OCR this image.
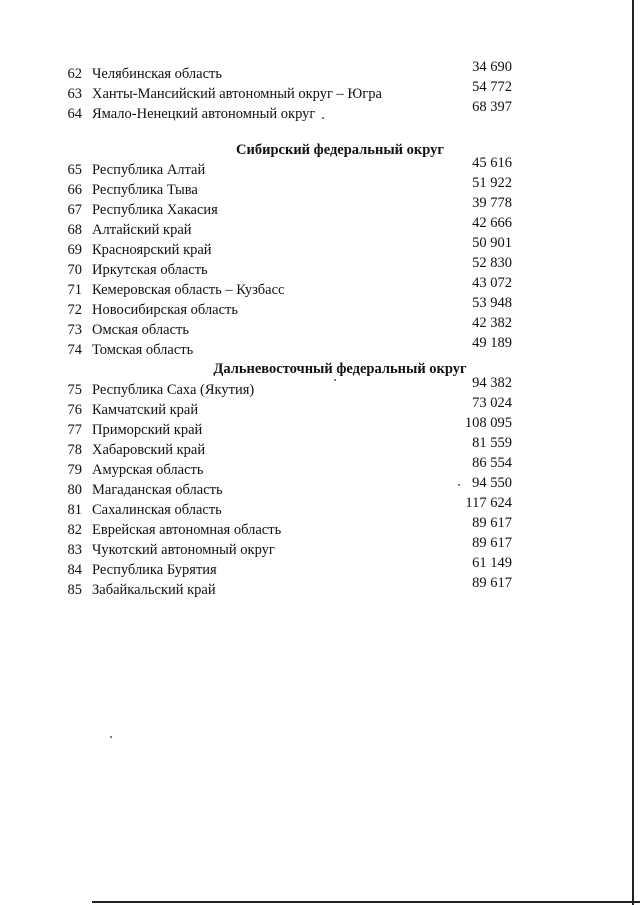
62 Челябинская область	34 690
63 Ханты-Мансийский автономный округ – Югра	54 772
64 Ямало-Ненецкий автономный округ	68 397
Сибирский федеральный округ
65 Республика Алтай	45 616
66 Республика Тыва	51 922
67 Республика Хакасия	39 778
68 Алтайский край	42 666
69 Красноярский край	50 901
70 Иркутская область	52 830
71 Кемеровская область – Кузбасс	43 072
72 Новосибирская область	53 948
73 Омская область	42 382
74 Томская область	49 189
Дальневосточный федеральный округ
75 Республика Саха (Якутия)	94 382
76 Камчатский край	73 024
77 Приморский край	108 095
78 Хабаровский край	81 559
79 Амурская область	86 554
80 Магаданская область	94 550
81 Сахалинская область	117 624
82 Еврейская автономная область	89 617
83 Чукотский автономный округ	89 617
84 Республика Бурятия	61 149
85 Забайкальский край	89 617
